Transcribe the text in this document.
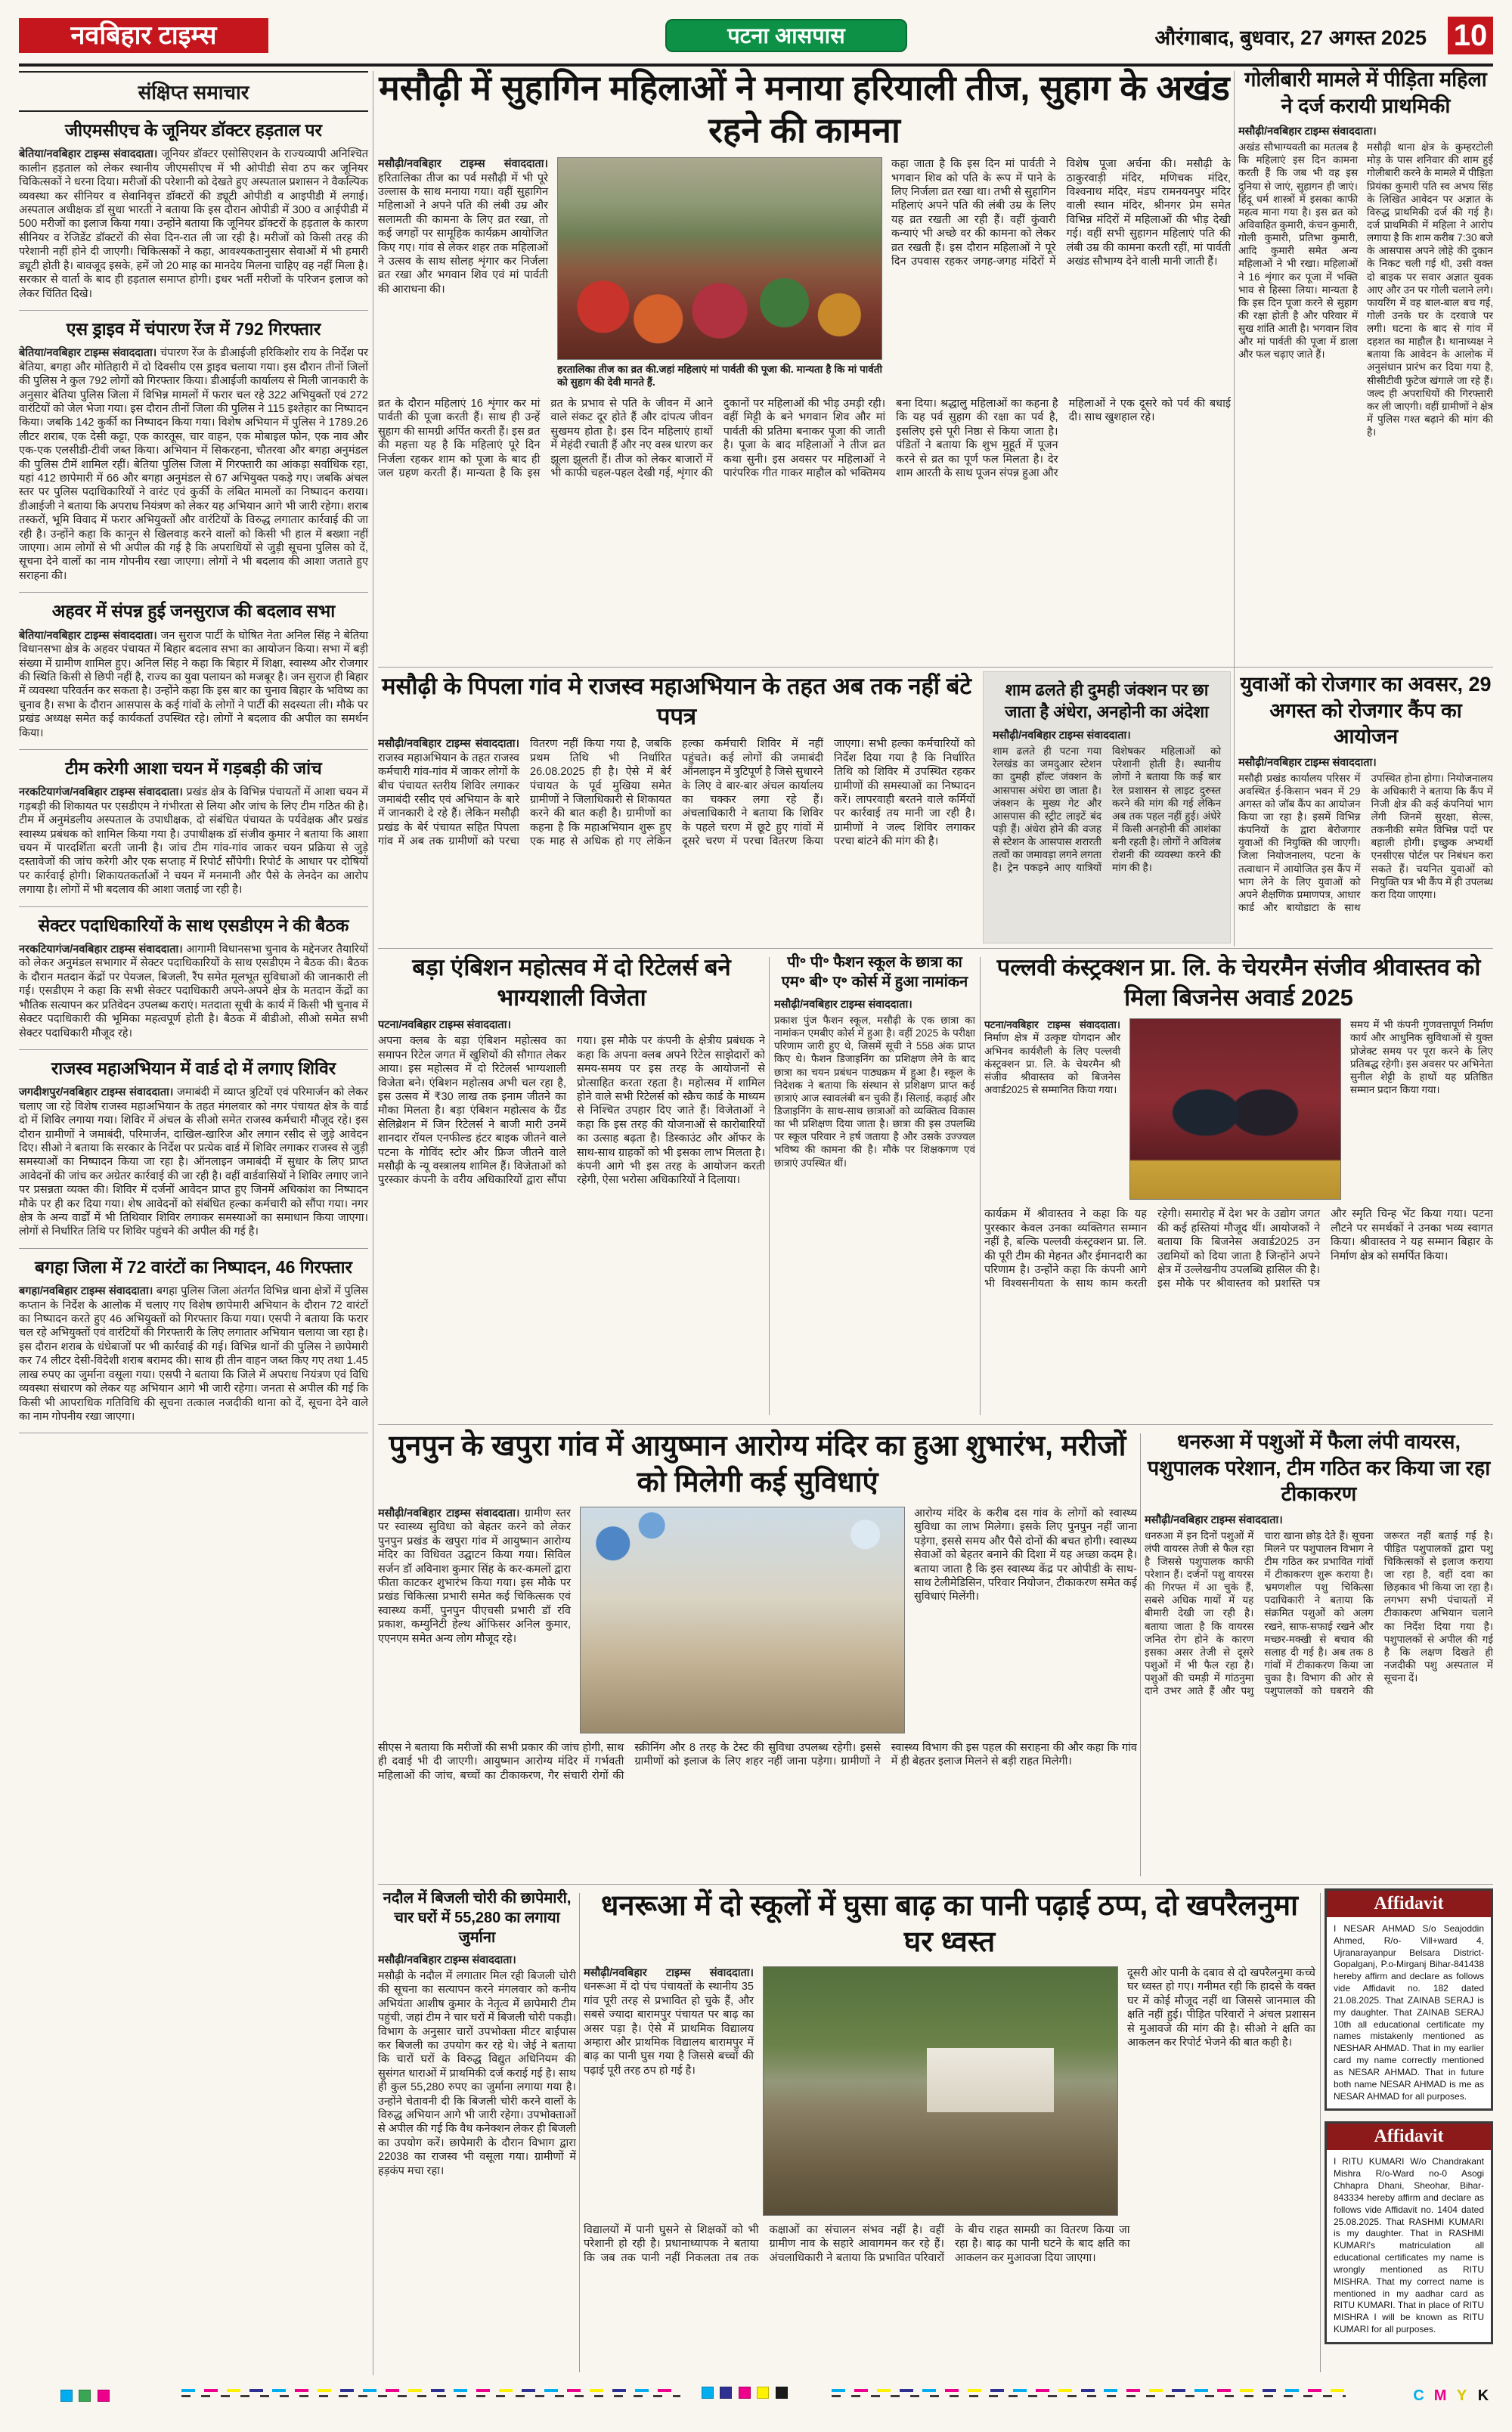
नवबिहार टाइम्स	पटना आसपास	औरंगाबाद, बुधवार, 27 अगस्त 2025 10
संक्षिप्त समाचार
जीएमसीएच के जूनियर डॉक्टर हड़ताल पर

बेतिया/नवबिहार टाइम्स संवाददाता। जूनियर डॉक्टर एसोसिएशन के राज्यव्यापी अनिश्चित कालीन हड़ताल को लेकर स्थानीय जीएमसीएच में भी ओपीडी सेवा ठप कर जूनियर चिकित्सकों ने धरना दिया। मरीजों की परेशानी को देखते हुए अस्पताल प्रशासन ने वैकल्पिक व्यवस्था कर सीनियर व सेवानिवृत्त डॉक्टरों की ड्यूटी ओपीडी व आइपीडी में लगाई। अस्पताल अधीक्षक डॉ सुधा भारती ने बताया कि इस दौरान ओपीडी में 300 व आईपीडी में 500 मरीजों का इलाज किया गया। उन्होंने बताया कि जूनियर डॉक्टरों के हड़ताल के कारण सीनियर व रेजिडेंट डॉक्टरों की सेवा दिन-रात ली जा रही है। मरीजों को किसी तरह की परेशानी नहीं होने दी जाएगी। चिकित्सकों ने कहा, आवश्यकतानुसार सेवाओं में भी हमारी ड्यूटी होती है। बावजूद इसके, हमें जो 20 माह का मानदेय मिलना चाहिए वह नहीं मिला है। सरकार से वार्ता के बाद ही हड़ताल समाप्त होगी। इधर भर्ती मरीजों के परिजन इलाज को लेकर चिंतित दिखे।

एस ड्राइव में चंपारण रेंज में 792 गिरफ्तार

बेतिया/नवबिहार टाइम्स संवाददाता। चंपारण रेंज के डीआईजी हरिकिशोर राय के निर्देश पर बेतिया, बगहा और मोतिहारी में दो दिवसीय एस ड्राइव चलाया गया। इस दौरान तीनों जिलों की पुलिस ने कुल 792 लोगों को गिरफ्तार किया। डीआईजी कार्यालय से मिली जानकारी के अनुसार बेतिया पुलिस जिला में विभिन्न मामलों में फरार चल रहे 322 अभियुक्तों एवं 272 वारंटियों को जेल भेजा गया। इस दौरान तीनों जिला की पुलिस ने 115 इश्तेहार का निष्पादन किया। जबकि 142 कुर्की का निष्पादन किया गया। विशेष अभियान में पुलिस ने 1789.26 लीटर शराब, एक देसी कट्टा, एक कारतूस, चार वाहन, एक मोबाइल फोन, एक नाव और एक-एक एलसीडी-टीवी जब्त किया। अभियान में सिकरहना, चौतरवा और बगहा अनुमंडल की पुलिस टीमें शामिल रहीं। बेतिया पुलिस जिला में गिरफ्तारी का आंकड़ा सर्वाधिक रहा, यहां 412 छापेमारी में 66 और बगहा अनुमंडल से 67 अभियुक्त पकड़े गए। जबकि अंचल स्तर पर पुलिस पदाधिकारियों ने वारंट एवं कुर्की के लंबित मामलों का निष्पादन कराया। डीआईजी ने बताया कि अपराध नियंत्रण को लेकर यह अभियान आगे भी जारी रहेगा। शराब तस्करों, भूमि विवाद में फरार अभियुक्तों और वारंटियों के विरुद्ध लगातार कार्रवाई की जा रही है। उन्होंने कहा कि कानून से खिलवाड़ करने वालों को किसी भी हाल में बख्शा नहीं जाएगा। आम लोगों से भी अपील की गई है कि अपराधियों से जुड़ी सूचना पुलिस को दें, सूचना देने वालों का नाम गोपनीय रखा जाएगा। लोगों ने भी बदलाव की आशा जताते हुए सराहना की।

अहवर में संपन्न हुई जनसुराज की बदलाव सभा

बेतिया/नवबिहार टाइम्स संवाददाता। जन सुराज पार्टी के घोषित नेता अनिल सिंह ने बेतिया विधानसभा क्षेत्र के अहवर पंचायत में बिहार बदलाव सभा का आयोजन किया। सभा में बड़ी संख्या में ग्रामीण शामिल हुए। अनिल सिंह ने कहा कि बिहार में शिक्षा, स्वास्थ्य और रोजगार की स्थिति किसी से छिपी नहीं है, राज्य का युवा पलायन को मजबूर है। जन सुराज ही बिहार में व्यवस्था परिवर्तन कर सकता है। उन्होंने कहा कि इस बार का चुनाव बिहार के भविष्य का चुनाव है। सभा के दौरान आसपास के कई गांवों के लोगों ने पार्टी की सदस्यता ली। मौके पर प्रखंड अध्यक्ष समेत कई कार्यकर्ता उपस्थित रहे। लोगों ने बदलाव की अपील का समर्थन किया।

टीम करेगी आशा चयन में गड़बड़ी की जांच

नरकटियागंज/नवबिहार टाइम्स संवाददाता। प्रखंड क्षेत्र के विभिन्न पंचायतों में आशा चयन में गड़बड़ी की शिकायत पर एसडीएम ने गंभीरता से लिया और जांच के लिए टीम गठित की है। टीम में अनुमंडलीय अस्पताल के उपाधीक्षक, दो संबंधित पंचायत के पर्यवेक्षक और प्रखंड स्वास्थ्य प्रबंधक को शामिल किया गया है। उपाधीक्षक डॉ संजीव कुमार ने बताया कि आशा चयन में पारदर्शिता बरती जानी है। जांच टीम गांव-गांव जाकर चयन प्रक्रिया से जुड़े दस्तावेजों की जांच करेगी और एक सप्ताह में रिपोर्ट सौंपेगी। रिपोर्ट के आधार पर दोषियों पर कार्रवाई होगी। शिकायतकर्ताओं ने चयन में मनमानी और पैसे के लेनदेन का आरोप लगाया है। लोगों में भी बदलाव की आशा जताई जा रही है।

सेक्टर पदाधिकारियों के साथ एसडीएम ने की बैठक

नरकटियागंज/नवबिहार टाइम्स संवाददाता। आगामी विधानसभा चुनाव के मद्देनजर तैयारियों को लेकर अनुमंडल सभागार में सेक्टर पदाधिकारियों के साथ एसडीएम ने बैठक की। बैठक के दौरान मतदान केंद्रों पर पेयजल, बिजली, रैंप समेत मूलभूत सुविधाओं की जानकारी ली गई। एसडीएम ने कहा कि सभी सेक्टर पदाधिकारी अपने-अपने क्षेत्र के मतदान केंद्रों का भौतिक सत्यापन कर प्रतिवेदन उपलब्ध कराएं। मतदाता सूची के कार्य में किसी भी चुनाव में सेक्टर पदाधिकारी की भूमिका महत्वपूर्ण होती है। बैठक में बीडीओ, सीओ समेत सभी सेक्टर पदाधिकारी मौजूद रहे।

राजस्व महाअभियान में वार्ड दो में लगाए शिविर

जगदीशपुर/नवबिहार टाइम्स संवाददाता। जमाबंदी में व्याप्त त्रुटियों एवं परिमार्जन को लेकर चलाए जा रहे विशेष राजस्व महाअभियान के तहत मंगलवार को नगर पंचायत क्षेत्र के वार्ड दो में शिविर लगाया गया। शिविर में अंचल के सीओ समेत राजस्व कर्मचारी मौजूद रहे। इस दौरान ग्रामीणों ने जमाबंदी, परिमार्जन, दाखिल-खारिज और लगान रसीद से जुड़े आवेदन दिए। सीओ ने बताया कि सरकार के निर्देश पर प्रत्येक वार्ड में शिविर लगाकर राजस्व से जुड़ी समस्याओं का निष्पादन किया जा रहा है। ऑनलाइन जमाबंदी में सुधार के लिए प्राप्त आवेदनों की जांच कर अग्रेतर कार्रवाई की जा रही है। वहीं वार्डवासियों ने शिविर लगाए जाने पर प्रसन्नता व्यक्त की। शिविर में दर्जनों आवेदन प्राप्त हुए जिनमें अधिकांश का निष्पादन मौके पर ही कर दिया गया। शेष आवेदनों को संबंधित हल्का कर्मचारी को सौंपा गया। नगर क्षेत्र के अन्य वार्डों में भी तिथिवार शिविर लगाकर समस्याओं का समाधान किया जाएगा। लोगों से निर्धारित तिथि पर शिविर पहुंचने की अपील की गई है।

बगहा जिला में 72 वारंटों का निष्पादन, 46 गिरफ्तार

बगहा/नवबिहार टाइम्स संवाददाता। बगहा पुलिस जिला अंतर्गत विभिन्न थाना क्षेत्रों में पुलिस कप्तान के निर्देश के आलोक में चलाए गए विशेष छापेमारी अभियान के दौरान 72 वारंटों का निष्पादन करते हुए 46 अभियुक्तों को गिरफ्तार किया गया। एसपी ने बताया कि फरार चल रहे अभियुक्तों एवं वारंटियों की गिरफ्तारी के लिए लगातार अभियान चलाया जा रहा है। इस दौरान शराब के धंधेबाजों पर भी कार्रवाई की गई। विभिन्न थानों की पुलिस ने छापेमारी कर 74 लीटर देसी-विदेशी शराब बरामद की। साथ ही तीन वाहन जब्त किए गए तथा 1.45 लाख रुपए का जुर्माना वसूला गया। एसपी ने बताया कि जिले में अपराध नियंत्रण एवं विधि व्यवस्था संधारण को लेकर यह अभियान आगे भी जारी रहेगा। जनता से अपील की गई कि किसी भी आपराधिक गतिविधि की सूचना तत्काल नजदीकी थाना को दें, सूचना देने वाले का नाम गोपनीय रखा जाएगा।

मसौढ़ी में सुहागिन महिलाओं ने मनाया हरियाली तीज, सुहाग के अखंड रहने की कामना

मसौढ़ी/नवबिहार टाइम्स संवाददाता। हरितालिका तीज का पर्व मसौढ़ी में भी पूरे उल्लास के साथ मनाया गया। वहीं सुहागिन महिलाओं ने अपने पति की लंबी उम्र और सलामती की कामना के लिए व्रत रखा, तो कई जगहों पर सामूहिक कार्यक्रम आयोजित किए गए। गांव से लेकर शहर तक महिलाओं ने उत्सव के साथ सोलह शृंगार कर निर्जला व्रत रखा और भगवान शिव एवं मां पार्वती की आराधना की।

हरतालिका तीज का व्रत की.जहां महिलाएं मां पार्वती की पूजा की. मान्यता है कि मां पार्वती को सुहाग की देवी मानते हैं.

कहा जाता है कि इस दिन मां पार्वती ने भगवान शिव को पति के रूप में पाने के लिए निर्जला व्रत रखा था। तभी से सुहागिन महिलाएं अपने पति की लंबी उम्र के लिए यह व्रत रखती आ रही हैं। वहीं कुंवारी कन्याएं भी अच्छे वर की कामना को लेकर व्रत रखती हैं। इस दौरान महिलाओं ने पूरे दिन उपवास रहकर जगह-जगह मंदिरों में विशेष पूजा अर्चना की। मसौढ़ी के ठाकुरवाड़ी मंदिर, मणिचक मंदिर, विश्वनाथ मंदिर, मंडप रामनयनपुर मंदिर वाली स्थान मंदिर, श्रीनगर प्रेम समेत विभिन्न मंदिरों में महिलाओं की भीड़ देखी गई। वहीं सभी सुहागन महिलाएं पति की लंबी उम्र की कामना करती रहीं, मां पार्वती अखंड सौभाग्य देने वाली मानी जाती हैं।

व्रत के दौरान महिलाएं 16 शृंगार कर मां पार्वती की पूजा करती हैं। साथ ही उन्हें सुहाग की सामग्री अर्पित करती हैं। इस व्रत की महत्ता यह है कि महिलाएं पूरे दिन निर्जला रहकर शाम को पूजा के बाद ही जल ग्रहण करती हैं। मान्यता है कि इस व्रत के प्रभाव से पति के जीवन में आने वाले संकट दूर होते हैं और दांपत्य जीवन सुखमय होता है। इस दिन महिलाएं हाथों में मेहंदी रचाती हैं और नए वस्त्र धारण कर झूला झूलती हैं। तीज को लेकर बाजारों में भी काफी चहल-पहल देखी गई, शृंगार की दुकानों पर महिलाओं की भीड़ उमड़ी रही। वहीं मिट्टी के बने भगवान शिव और मां पार्वती की प्रतिमा बनाकर पूजा की जाती है। पूजा के बाद महिलाओं ने तीज व्रत कथा सुनी। इस अवसर पर महिलाओं ने पारंपरिक गीत गाकर माहौल को भक्तिमय बना दिया। श्रद्धालु महिलाओं का कहना है कि यह पर्व सुहाग की रक्षा का पर्व है, इसलिए इसे पूरी निष्ठा से किया जाता है। पंडितों ने बताया कि शुभ मुहूर्त में पूजन करने से व्रत का पूर्ण फल मिलता है। देर शाम आरती के साथ पूजन संपन्न हुआ और महिलाओं ने एक दूसरे को पर्व की बधाई दी। साथ खुशहाल रहे।

गोलीबारी मामले में पीड़िता महिला ने दर्ज करायी प्राथमिकी

मसौढ़ी/नवबिहार टाइम्स संवाददाता।

अखंड सौभाग्यवती का मतलब है कि महिलाएं इस दिन कामना करती हैं कि जब भी वह इस दुनिया से जाएं, सुहागन ही जाएं। हिंदू धर्म शास्त्रों में इसका काफी महत्व माना गया है। इस व्रत को अविवाहित कुमारी, कंचन कुमारी, गोली कुमारी, प्रतिभा कुमारी, आदि कुमारी समेत अन्य महिलाओं ने भी रखा। महिलाओं ने 16 शृंगार कर पूजा में भक्ति भाव से हिस्सा लिया। मान्यता है कि इस दिन पूजा करने से सुहाग की रक्षा होती है और परिवार में सुख शांति आती है। भगवान शिव और मां पार्वती की पूजा में डाला और फल चढ़ाए जाते हैं।

मसौढ़ी थाना क्षेत्र के कुम्हरटोली मोड़ के पास शनिवार की शाम हुई गोलीबारी करने के मामले में पीड़िता प्रियंका कुमारी पति स्व अभय सिंह के लिखित आवेदन पर अज्ञात के विरुद्ध प्राथमिकी दर्ज की गई है। दर्ज प्राथमिकी में महिला ने आरोप लगाया है कि शाम करीब 7:30 बजे के आसपास अपने लोहे की दुकान के निकट चली गई थी, उसी वक्त दो बाइक पर सवार अज्ञात युवक आए और उन पर गोली चलाने लगे। फायरिंग में वह बाल-बाल बच गई, गोली उनके घर के दरवाजे पर लगी। घटना के बाद से गांव में दहशत का माहौल है। थानाध्यक्ष ने बताया कि आवेदन के आलोक में अनुसंधान प्रारंभ कर दिया गया है, सीसीटीवी फुटेज खंगाले जा रहे हैं। जल्द ही अपराधियों की गिरफ्तारी कर ली जाएगी। वहीं ग्रामीणों ने क्षेत्र में पुलिस गश्त बढ़ाने की मांग की है।

मसौढ़ी के पिपला गांव मे राजस्व महाअभियान के तहत अब तक नहीं बंटे पपत्र

मसौढ़ी/नवबिहार टाइम्स संवाददाता। राजस्व महाअभियान के तहत राजस्व कर्मचारी गांव-गांव में जाकर लोगों के बीच पंचायत स्तरीय शिविर लगाकर जमाबंदी रसीद एवं अभियान के बारे में जानकारी दे रहे हैं। लेकिन मसौढ़ी प्रखंड के बेर्र पंचायत सहित पिपला गांव में अब तक ग्रामीणों को परचा वितरण नहीं किया गया है, जबकि प्रथम तिथि भी निर्धारित 26.08.2025 ही है। ऐसे में बेर्र पंचायत के पूर्व मुखिया समेत ग्रामीणों ने जिलाधिकारी से शिकायत करने की बात कही है। ग्रामीणों का कहना है कि महाअभियान शुरू हुए एक माह से अधिक हो गए लेकिन हल्का कर्मचारी शिविर में नहीं पहुंचते। कई लोगों की जमाबंदी ऑनलाइन में त्रुटिपूर्ण है जिसे सुधारने के लिए वे बार-बार अंचल कार्यालय का चक्कर लगा रहे हैं। अंचलाधिकारी ने बताया कि शिविर के पहले चरण में छूटे हुए गांवों में दूसरे चरण में परचा वितरण किया जाएगा। सभी हल्का कर्मचारियों को निर्देश दिया गया है कि निर्धारित तिथि को शिविर में उपस्थित रहकर ग्रामीणों की समस्याओं का निष्पादन करें। लापरवाही बरतने वाले कर्मियों पर कार्रवाई तय मानी जा रही है। ग्रामीणों ने जल्द शिविर लगाकर परचा बांटने की मांग की है।

शाम ढलते ही दुमही जंक्शन पर छा जाता है अंधेरा, अनहोनी का अंदेशा

मसौढ़ी/नवबिहार टाइम्स संवाददाता।

शाम ढलते ही पटना गया रेलखंड का जमदुआर स्टेशन का दुमही हॉल्ट जंक्शन के आसपास अंधेरा छा जाता है। जंक्शन के मुख्य गेट और आसपास की स्ट्रीट लाइटें बंद पड़ी हैं। अंधेरा होने की वजह से स्टेशन के आसपास शरारती तत्वों का जमावड़ा लगने लगता है। ट्रेन पकड़ने आए यात्रियों विशेषकर महिलाओं को परेशानी होती है। स्थानीय लोगों ने बताया कि कई बार रेल प्रशासन से लाइट दुरुस्त करने की मांग की गई लेकिन अब तक पहल नहीं हुई। अंधेरे में किसी अनहोनी की आशंका बनी रहती है। लोगों ने अविलंब रोशनी की व्यवस्था करने की मांग की है।

युवाओं को रोजगार का अवसर, 29 अगस्त को रोजगार कैंप का आयोजन

मसौढ़ी/नवबिहार टाइम्स संवाददाता।

मसौढ़ी प्रखंड कार्यालय परिसर में अवस्थित ई-किसान भवन में 29 अगस्त को जॉब कैंप का आयोजन किया जा रहा है। इसमें विभिन्न कंपनियों के द्वारा बेरोजगार युवाओं की नियुक्ति की जाएगी। जिला नियोजनालय, पटना के तत्वाधान में आयोजित इस कैंप में भाग लेने के लिए युवाओं को अपने शैक्षणिक प्रमाणपत्र, आधार कार्ड और बायोडाटा के साथ उपस्थित होना होगा। नियोजनालय के अधिकारी ने बताया कि कैंप में निजी क्षेत्र की कई कंपनियां भाग लेंगी जिनमें सुरक्षा, सेल्स, तकनीकी समेत विभिन्न पदों पर बहाली होगी। इच्छुक अभ्यर्थी एनसीएस पोर्टल पर निबंधन करा सकते हैं। चयनित युवाओं को नियुक्ति पत्र भी कैंप में ही उपलब्ध करा दिया जाएगा।

बड़ा एंबिशन महोत्सव में दो रिटेलर्स बने भाग्यशाली विजेता

पटना/नवबिहार टाइम्स संवाददाता।

अपना क्लब के बड़ा एंबिशन महोत्सव का समापन रिटेल जगत में खुशियों की सौगात लेकर आया। इस महोत्सव में दो रिटेलर्स भाग्यशाली विजेता बने। एंबिशन महोत्सव अभी चल रहा है, इस उत्सव में ₹30 लाख तक इनाम जीतने का मौका मिलता है। बड़ा एंबिशन महोत्सव के ग्रैंड सेलिब्रेशन में जिन रिटेलर्स ने बाजी मारी उनमें शानदार रॉयल एनफील्ड हंटर बाइक जीतने वाले पटना के गोविंद स्टोर और फ्रिज जीतने वाले मसौढ़ी के न्यू वस्त्रालय शामिल हैं। विजेताओं को पुरस्कार कंपनी के वरीय अधिकारियों द्वारा सौंपा गया। इस मौके पर कंपनी के क्षेत्रीय प्रबंधक ने कहा कि अपना क्लब अपने रिटेल साझेदारों को समय-समय पर इस तरह के आयोजनों से प्रोत्साहित करता रहता है। महोत्सव में शामिल होने वाले सभी रिटेलर्स को स्क्रैच कार्ड के माध्यम से निश्चित उपहार दिए जाते हैं। विजेताओं ने कहा कि इस तरह की योजनाओं से कारोबारियों का उत्साह बढ़ता है। डिस्काउंट और ऑफर के साथ-साथ ग्राहकों को भी इसका लाभ मिलता है। कंपनी आगे भी इस तरह के आयोजन करती रहेगी, ऐसा भरोसा अधिकारियों ने दिलाया।

पी॰ पी॰ फैशन स्कूल के छात्रा का एम॰ बी॰ ए॰ कोर्स में हुआ नामांकन

मसौढ़ी/नवबिहार टाइम्स संवाददाता।

प्रकाश पुंज फैशन स्कूल, मसौढ़ी के एक छात्रा का नामांकन एमबीए कोर्स में हुआ है। वहीं 2025 के परीक्षा परिणाम जारी हुए थे, जिसमें सूची ने 558 अंक प्राप्त किए थे। फैशन डिजाइनिंग का प्रशिक्षण लेने के बाद छात्रा का चयन प्रबंधन पाठ्यक्रम में हुआ है। स्कूल के निदेशक ने बताया कि संस्थान से प्रशिक्षण प्राप्त कई छात्राएं आज स्वावलंबी बन चुकी हैं। सिलाई, कढ़ाई और डिजाइनिंग के साथ-साथ छात्राओं को व्यक्तित्व विकास का भी प्रशिक्षण दिया जाता है। छात्रा की इस उपलब्धि पर स्कूल परिवार ने हर्ष जताया है और उसके उज्ज्वल भविष्य की कामना की है। मौके पर शिक्षकगण एवं छात्राएं उपस्थित थीं।

पल्लवी कंस्ट्रक्शन प्रा. लि. के चेयरमैन संजीव श्रीवास्तव को मिला बिजनेस अवार्ड 2025

पटना/नवबिहार टाइम्स संवाददाता। निर्माण क्षेत्र में उत्कृष्ट योगदान और अभिनव कार्यशैली के लिए पल्लवी कंस्ट्रक्शन प्रा. लि. के चेयरमैन श्री संजीव श्रीवास्तव को बिजनेस अवार्ड2025 से सम्मानित किया गया।

समय में भी कंपनी गुणवत्तापूर्ण निर्माण कार्य और आधुनिक सुविधाओं से युक्त प्रोजेक्ट समय पर पूरा करने के लिए प्रतिबद्ध रहेगी। इस अवसर पर अभिनेता सुनील शेट्टी के हाथों यह प्रतिष्ठित सम्मान प्रदान किया गया।

कार्यक्रम में श्रीवास्तव ने कहा कि यह पुरस्कार केवल उनका व्यक्तिगत सम्मान नहीं है, बल्कि पल्लवी कंस्ट्रक्शन प्रा. लि. की पूरी टीम की मेहनत और ईमानदारी का परिणाम है। उन्होंने कहा कि कंपनी आगे भी विश्वसनीयता के साथ काम करती रहेगी। समारोह में देश भर के उद्योग जगत की कई हस्तियां मौजूद थीं। आयोजकों ने बताया कि बिजनेस अवार्ड2025 उन उद्यमियों को दिया जाता है जिन्होंने अपने क्षेत्र में उल्लेखनीय उपलब्धि हासिल की है। इस मौके पर श्रीवास्तव को प्रशस्ति पत्र और स्मृति चिन्ह भेंट किया गया। पटना लौटने पर समर्थकों ने उनका भव्य स्वागत किया। श्रीवास्तव ने यह सम्मान बिहार के निर्माण क्षेत्र को समर्पित किया।

पुनपुन के खपुरा गांव में आयुष्मान आरोग्य मंदिर का हुआ शुभारंभ, मरीजों को मिलेगी कई सुविधाएं

मसौढ़ी/नवबिहार टाइम्स संवाददाता। ग्रामीण स्तर पर स्वास्थ्य सुविधा को बेहतर करने को लेकर पुनपुन प्रखंड के खपुरा गांव में आयुष्मान आरोग्य मंदिर का विधिवत उद्घाटन किया गया। सिविल सर्जन डॉ अविनाश कुमार सिंह के कर-कमलों द्वारा फीता काटकर शुभारंभ किया गया। इस मौके पर प्रखंड चिकित्सा प्रभारी समेत कई चिकित्सक एवं स्वास्थ्य कर्मी, पुनपुन पीएचसी प्रभारी डॉ रवि प्रकाश, कम्युनिटी हेल्थ ऑफिसर अनिल कुमार, एएनएम समेत अन्य लोग मौजूद रहे।

आरोग्य मंदिर के करीब दस गांव के लोगों को स्वास्थ्य सुविधा का लाभ मिलेगा। इसके लिए पुनपुन नहीं जाना पड़ेगा, इससे समय और पैसे दोनों की बचत होगी। स्वास्थ्य सेवाओं को बेहतर बनाने की दिशा में यह अच्छा कदम है। बताया जाता है कि इस स्वास्थ्य केंद्र पर ओपीडी के साथ-साथ टेलीमेडिसिन, परिवार नियोजन, टीकाकरण समेत कई सुविधाएं मिलेंगी।

सीएस ने बताया कि मरीजों की सभी प्रकार की जांच होगी, साथ ही दवाई भी दी जाएगी। आयुष्मान आरोग्य मंदिर में गर्भवती महिलाओं की जांच, बच्चों का टीकाकरण, गैर संचारी रोगों की स्क्रीनिंग और 8 तरह के टेस्ट की सुविधा उपलब्ध रहेगी। इससे ग्रामीणों को इलाज के लिए शहर नहीं जाना पड़ेगा। ग्रामीणों ने स्वास्थ्य विभाग की इस पहल की सराहना की और कहा कि गांव में ही बेहतर इलाज मिलने से बड़ी राहत मिलेगी।

धनरुआ में पशुओं में फैला लंपी वायरस, पशुपालक परेशान, टीम गठित कर किया जा रहा टीकाकरण

मसौढ़ी/नवबिहार टाइम्स संवाददाता।

धनरुआ में इन दिनों पशुओं में लंपी वायरस तेजी से फैल रहा है जिससे पशुपालक काफी परेशान हैं। दर्जनों पशु वायरस की गिरफ्त में आ चुके हैं, सबसे अधिक गायों में यह बीमारी देखी जा रही है। बताया जाता है कि वायरस जनित रोग होने के कारण इसका असर तेजी से दूसरे पशुओं में भी फैल रहा है। पशुओं की चमड़ी में गांठनुमा दाने उभर आते हैं और पशु चारा खाना छोड़ देते हैं। सूचना मिलने पर पशुपालन विभाग ने टीम गठित कर प्रभावित गांवों में टीकाकरण शुरू कराया है। भ्रमणशील पशु चिकित्सा पदाधिकारी ने बताया कि संक्रमित पशुओं को अलग रखने, साफ-सफाई रखने और मच्छर-मक्खी से बचाव की सलाह दी गई है। अब तक 8 गांवों में टीकाकरण किया जा चुका है। विभाग की ओर से पशुपालकों को घबराने की जरूरत नहीं बताई गई है। पीड़ित पशुपालकों द्वारा पशु चिकित्सकों से इलाज कराया जा रहा है, वहीं दवा का छिड़काव भी किया जा रहा है। लगभग सभी पंचायतों में टीकाकरण अभियान चलाने का निर्देश दिया गया है। पशुपालकों से अपील की गई है कि लक्षण दिखते ही नजदीकी पशु अस्पताल में सूचना दें।

नदौल में बिजली चोरी की छापेमारी, चार घरों में 55,280 का लगाया जुर्माना

मसौढ़ी/नवबिहार टाइम्स संवाददाता।

मसौढ़ी के नदौल में लगातार मिल रही बिजली चोरी की सूचना का सत्यापन करने मंगलवार को कनीय अभियंता आशीष कुमार के नेतृत्व में छापेमारी टीम पहुंची, जहां टीम ने चार घरों में बिजली चोरी पकड़ी। विभाग के अनुसार चारों उपभोक्ता मीटर बाईपास कर बिजली का उपयोग कर रहे थे। जेई ने बताया कि चारों घरों के विरुद्ध विद्युत अधिनियम की सुसंगत धाराओं में प्राथमिकी दर्ज कराई गई है। साथ ही कुल 55,280 रुपए का जुर्माना लगाया गया है। उन्होंने चेतावनी दी कि बिजली चोरी करने वालों के विरुद्ध अभियान आगे भी जारी रहेगा। उपभोक्ताओं से अपील की गई कि वैध कनेक्शन लेकर ही बिजली का उपयोग करें। छापेमारी के दौरान विभाग द्वारा 22038 का राजस्व भी वसूला गया। ग्रामीणों में हड़कंप मचा रहा।

धनरूआ में दो स्कूलों में घुसा बाढ़ का पानी पढ़ाई ठप्प, दो खपरैलनुमा घर ध्वस्त

मसौढ़ी/नवबिहार टाइम्स संवाददाता। धनरूआ में दो पंच पंचायतों के स्थानीय 35 गांव पूरी तरह से प्रभावित हो चुके हैं, और सबसे ज्यादा बारामपुर पंचायत पर बाढ़ का असर पड़ा है। ऐसे में प्राथमिक विद्यालय अम्हारा और प्राथमिक विद्यालय बारामपुर में बाढ़ का पानी घुस गया है जिससे बच्चों की पढ़ाई पूरी तरह ठप हो गई है।

दूसरी ओर पानी के दबाव से दो खपरैलनुमा कच्चे घर ध्वस्त हो गए। गनीमत रही कि हादसे के वक्त घर में कोई मौजूद नहीं था जिससे जानमाल की क्षति नहीं हुई। पीड़ित परिवारों ने अंचल प्रशासन से मुआवजे की मांग की है। सीओ ने क्षति का आकलन कर रिपोर्ट भेजने की बात कही है।

विद्यालयों में पानी घुसने से शिक्षकों को भी परेशानी हो रही है। प्रधानाध्यापक ने बताया कि जब तक पानी नहीं निकलता तब तक कक्षाओं का संचालन संभव नहीं है। वहीं ग्रामीण नाव के सहारे आवागमन कर रहे हैं। अंचलाधिकारी ने बताया कि प्रभावित परिवारों के बीच राहत सामग्री का वितरण किया जा रहा है। बाढ़ का पानी घटने के बाद क्षति का आकलन कर मुआवजा दिया जाएगा।

Affidavit

I NESAR AHMAD S/o Seajoddin Ahmed, R/o- Vill+ward 4, Ujranarayanpur Belsara District- Gopalganj, P.o-Mirganj Bihar-841438 hereby affirm and declare as follows vide Affidavit no. 182 dated 21.08.2025. That ZAINAB SERAJ is my daughter. That ZAINAB SERAJ 10th all educational certificate my names mistakenly mentioned as NESHAR AHMAD. That in my earlier card my name correctly mentioned as NESAR AHMAD. That in future both name NESAR AHMAD is me as NESAR AHMAD for all purposes.

Affidavit

I RITU KUMARI W/o Chandrakant Mishra R/o-Ward no-0 Asogi Chhapra Dhani, Sheohar, Bihar- 843334 hereby affirm and declare as follows vide Affidavit no. 1404 dated 25.08.2025. That RASHMI KUMARI is my daughter. That in RASHMI KUMARI's matriculation all educational certificates my name is wrongly mentioned as RITU MISHRA. That my correct name is mentioned in my aadhar card as RITU KUMARI. That in place of RITU MISHRA I will be known as RITU KUMARI for all purposes.

C M Y K
